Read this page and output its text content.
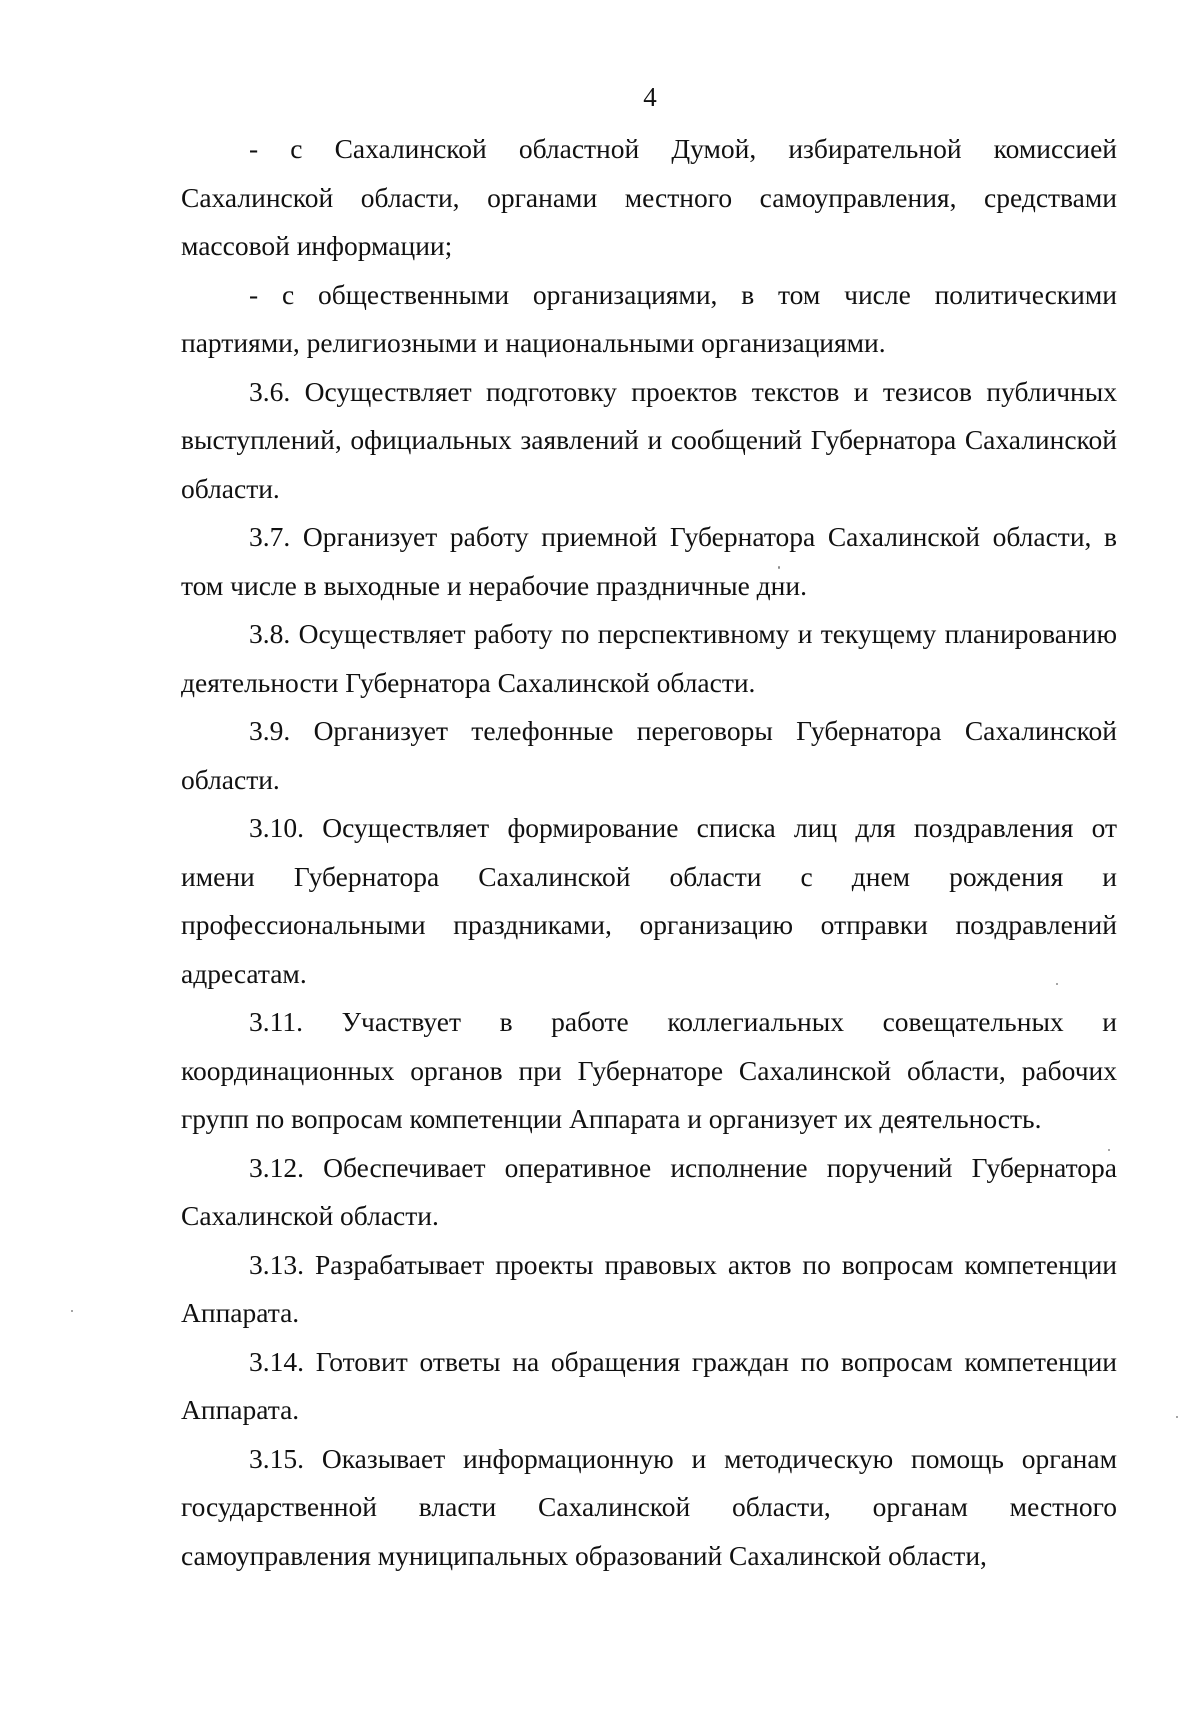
4

- с Сахалинской областной Думой, избирательной комиссией Сахалинской области, органами местного самоуправления, средствами массовой информации;

- с общественными организациями, в том числе политическими партиями, религиозными и национальными организациями.

3.6. Осуществляет подготовку проектов текстов и тезисов публичных выступлений, официальных заявлений и сообщений Губернатора Сахалинской области.

3.7. Организует работу приемной Губернатора Сахалинской области, в том числе в выходные и нерабочие праздничные дни.

3.8. Осуществляет работу по перспективному и текущему планированию деятельности Губернатора Сахалинской области.

3.9. Организует телефонные переговоры Губернатора Сахалинской области.

3.10. Осуществляет формирование списка лиц для поздравления от имени Губернатора Сахалинской области с днем рождения и профессиональными праздниками, организацию отправки поздравлений адресатам.

3.11. Участвует в работе коллегиальных совещательных и координационных органов при Губернаторе Сахалинской области, рабочих групп по вопросам компетенции Аппарата и организует их деятельность.

3.12. Обеспечивает оперативное исполнение поручений Губернатора Сахалинской области.

3.13. Разрабатывает проекты правовых актов по вопросам компетенции Аппарата.

3.14. Готовит ответы на обращения граждан по вопросам компетенции Аппарата.

3.15. Оказывает информационную и методическую помощь органам государственной власти Сахалинской области, органам местного самоуправления муниципальных образований Сахалинской области,
